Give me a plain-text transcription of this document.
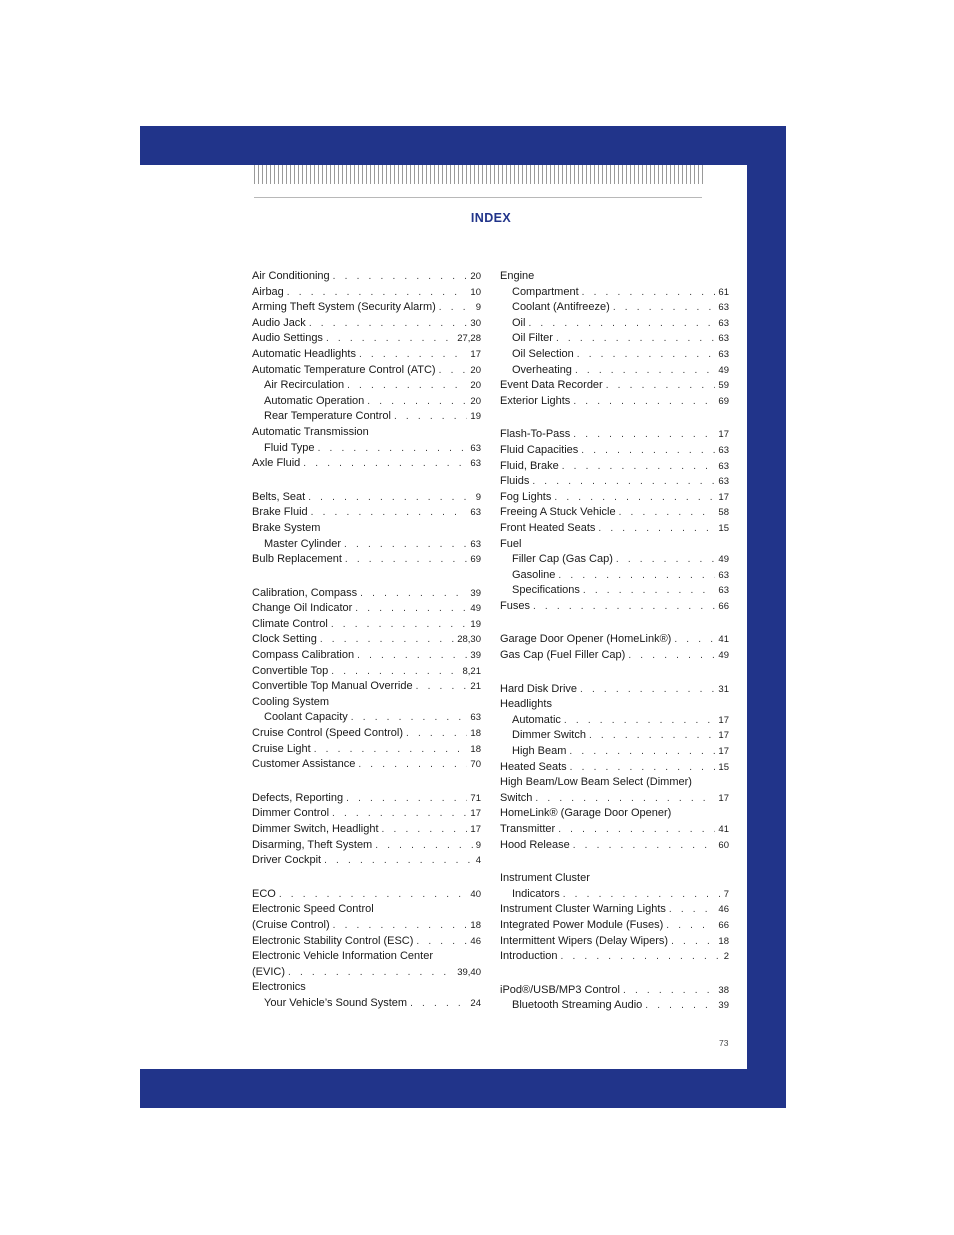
INDEX
Air Conditioning . . .	20
Airbag . . .	10
Arming Theft System (Security Alarm) . . .	9
Audio Jack . . .	30
Audio Settings . . .	27,28
Automatic Headlights . . .	17
Automatic Temperature Control (ATC) . . .	20
Air Recirculation . . .	20
Automatic Operation . . .	20
Rear Temperature Control . . .	19
Automatic Transmission
Fluid Type . . .	63
Axle Fluid . . .	63
Belts, Seat . . .	9
Brake Fluid . . .	63
Brake System
Master Cylinder . . .	63
Bulb Replacement . . .	69
Calibration, Compass . . .	39
Change Oil Indicator . . .	49
Climate Control . . .	19
Clock Setting . . .	28,30
Compass Calibration . . .	39
Convertible Top . . .	8,21
Convertible Top Manual Override . . .	21
Cooling System
Coolant Capacity . . .	63
Cruise Control (Speed Control) . . .	18
Cruise Light . . .	18
Customer Assistance . . .	70
Defects, Reporting . . .	71
Dimmer Control . . .	17
Dimmer Switch, Headlight . . .	17
Disarming, Theft System . . .	9
Driver Cockpit . . .	4
ECO . . .	40
Electronic Speed Control
(Cruise Control) . . .	18
Electronic Stability Control (ESC) . . .	46
Electronic Vehicle Information Center
(EVIC) . . .	39,40
Electronics
Your Vehicle’s Sound System . . .	24
Engine
Compartment . . .	61
Coolant (Antifreeze) . . .	63
Oil . . .	63
Oil Filter . . .	63
Oil Selection . . .	63
Overheating . . .	49
Event Data Recorder . . .	59
Exterior Lights . . .	69
Flash-To-Pass . . .	17
Fluid Capacities . . .	63
Fluid, Brake . . .	63
Fluids . . .	63
Fog Lights . . .	17
Freeing A Stuck Vehicle . . .	58
Front Heated Seats . . .	15
Fuel
Filler Cap (Gas Cap) . . .	49
Gasoline . . .	63
Specifications . . .	63
Fuses . . .	66
Garage Door Opener (HomeLink®) . . .	41
Gas Cap (Fuel Filler Cap) . . .	49
Hard Disk Drive . . .	31
Headlights
Automatic . . .	17
Dimmer Switch . . .	17
High Beam . . .	17
Heated Seats . . .	15
High Beam/Low Beam Select (Dimmer)
Switch . . .	17
HomeLink® (Garage Door Opener)
Transmitter . . .	41
Hood Release . . .	60
Instrument Cluster
Indicators . . .	7
Instrument Cluster Warning Lights . . .	46
Integrated Power Module (Fuses) . . .	66
Intermittent Wipers (Delay Wipers) . . .	18
Introduction . . .	2
iPod®/USB/MP3 Control . . .	38
Bluetooth Streaming Audio . . .	39
73
